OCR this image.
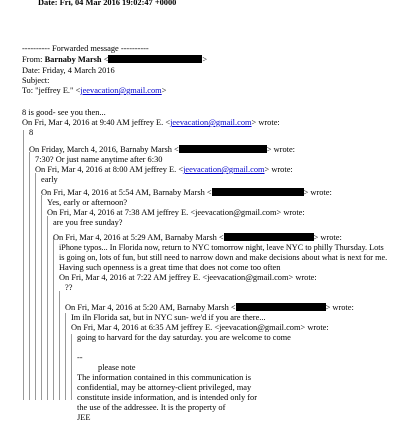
Date: Fri, 04 Mar 2016 19:02:47 +0000
---------- Forwarded message ----------
From: Barnaby Marsh <	>
Date: Friday, 4 March 2016
Subject:
To: "jeffrey E." <jeevacation@gmail.com>
8 is good- see you then...
On Fri, Mar 4, 2016 at 9:40 AM jeffrey E. <jeevacation@gmail.com> wrote:
8
On Friday, March 4, 2016, Barnaby Marsh <	> wrote:
7:30? Or just name anytime after 6:30
On Fri, Mar 4, 2016 at 8:00 AM jeffrey E. <jeevacation@gmail.com> wrote:
early
On Fri, Mar 4, 2016 at 5:54 AM, Barnaby Marsh <	> wrote:
Yes, early or afternoon?
On Fri, Mar 4, 2016 at 7:38 AM jeffrey E. <jeevacation@gmail.com> wrote:
are you free sunday?
On Fri, Mar 4, 2016 at 5:29 AM, Barnaby Marsh <	> wrote:
iPhone typos... In Florida now, return to NYC tomorrow night, leave NYC to philly Thursday. Lots
is going on, lots of fun, but still need to narrow down and make decisions about what is next for me.
Having such openness is a great time that does not come too often
On Fri, Mar 4, 2016 at 7:22 AM jeffrey E. <jeevacation@gmail.com> wrote:
??
On Fri, Mar 4, 2016 at 5:20 AM, Barnaby Marsh <	> wrote:
Im iln Florida sat, but in NYC sun- we'd if you are there...
On Fri, Mar 4, 2016 at 6:35 AM jeffrey E. <jeevacation@gmail.com> wrote:
going to harvard for the day saturday. you are welcome to come
--
please note
The information contained in this communication is
confidential, may be attorney-client privileged, may
constitute inside information, and is intended only for
the use of the addressee. It is the property of
JEE
